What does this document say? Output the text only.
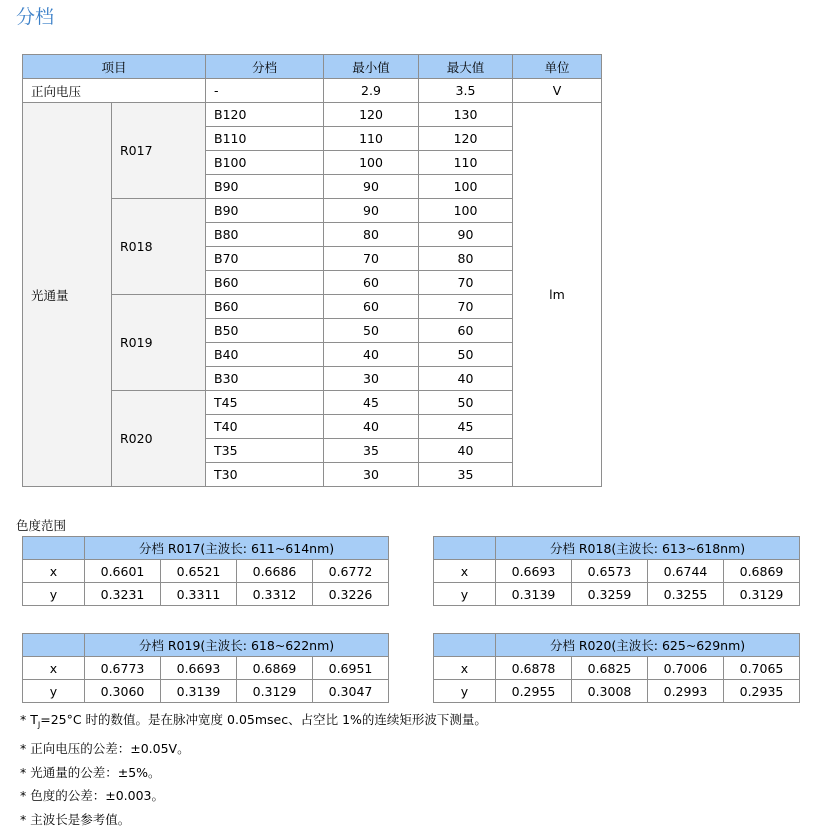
分档
项目		分档	最小值	最大值	单位
正向电压		-	2.9	3.5	V
光通量	R017	B120	120	130	lm
		B110	110	120	
		B100	100	110	
		B90	90	100	
	R018	B90	90	100	
		B80	80	90	
		B70	70	80	
		B60	60	70	
	R019	B60	60	70	
		B50	50	60	
		B40	40	50	
		B30	30	40	
	R020	T45	45	50	
		T40	40	45	
		T35	35	40	
		T30	30	35	
色度范围
	分档 R017(主波长: 611~614nm)			
x	0.6601	0.6521	0.6686	0.6772
y	0.3231	0.3311	0.3312	0.3226
	分档 R018(主波长: 613~618nm)			
x	0.6693	0.6573	0.6744	0.6869
y	0.3139	0.3259	0.3255	0.3129
	分档 R019(主波长: 618~622nm)			
x	0.6773	0.6693	0.6869	0.6951
y	0.3060	0.3139	0.3129	0.3047
	分档 R020(主波长: 625~629nm)			
x	0.6878	0.6825	0.7006	0.7065
y	0.2955	0.3008	0.2993	0.2935
* $T_J=25^\circ C$ 时的数值。是在脉冲宽度 0.05msec、占空比 1%的连续矩形波下测量。
* 正向电压的公差：±0.05V。
* 光通量的公差：±5%。
* 色度的公差：±0.003。
* 主波长是参考值。
